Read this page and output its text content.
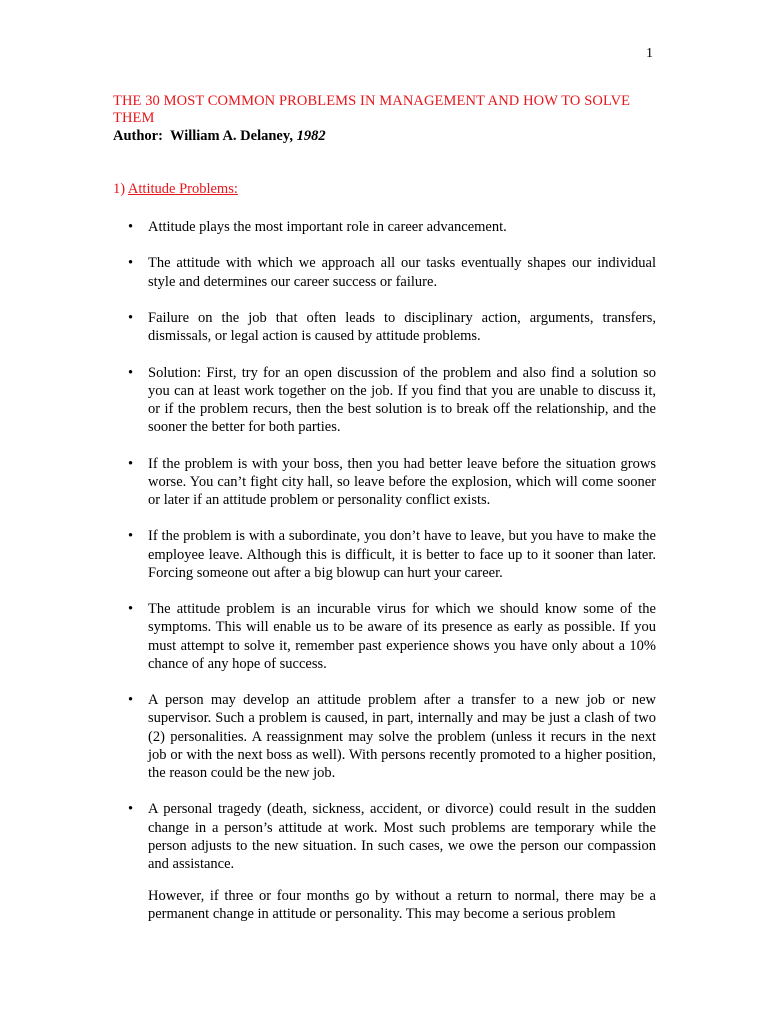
1
THE 30 MOST COMMON PROBLEMS IN MANAGEMENT AND HOW TO SOLVE THEM
Author: William A. Delaney, 1982
1) Attitude Problems:
• Attitude plays the most important role in career advancement.
• The attitude with which we approach all our tasks eventually shapes our individual style and determines our career success or failure.
• Failure on the job that often leads to disciplinary action, arguments, transfers, dismissals, or legal action is caused by attitude problems.
• Solution: First, try for an open discussion of the problem and also find a solution so you can at least work together on the job. If you find that you are unable to discuss it, or if the problem recurs, then the best solution is to break off the relationship, and the sooner the better for both parties.
• If the problem is with your boss, then you had better leave before the situation grows worse. You can’t fight city hall, so leave before the explosion, which will come sooner or later if an attitude problem or personality conflict exists.
• If the problem is with a subordinate, you don’t have to leave, but you have to make the employee leave. Although this is difficult, it is better to face up to it sooner than later. Forcing someone out after a big blowup can hurt your career.
• The attitude problem is an incurable virus for which we should know some of the symptoms. This will enable us to be aware of its presence as early as possible. If you must attempt to solve it, remember past experience shows you have only about a 10% chance of any hope of success.
• A person may develop an attitude problem after a transfer to a new job or new supervisor. Such a problem is caused, in part, internally and may be just a clash of two (2) personalities. A reassignment may solve the problem (unless it recurs in the next job or with the next boss as well). With persons recently promoted to a higher position, the reason could be the new job.
• A personal tragedy (death, sickness, accident, or divorce) could result in the sudden change in a person’s attitude at work. Most such problems are temporary while the person adjusts to the new situation. In such cases, we owe the person our compassion and assistance.

However, if three or four months go by without a return to normal, there may be a permanent change in attitude or personality. This may become a serious problem
